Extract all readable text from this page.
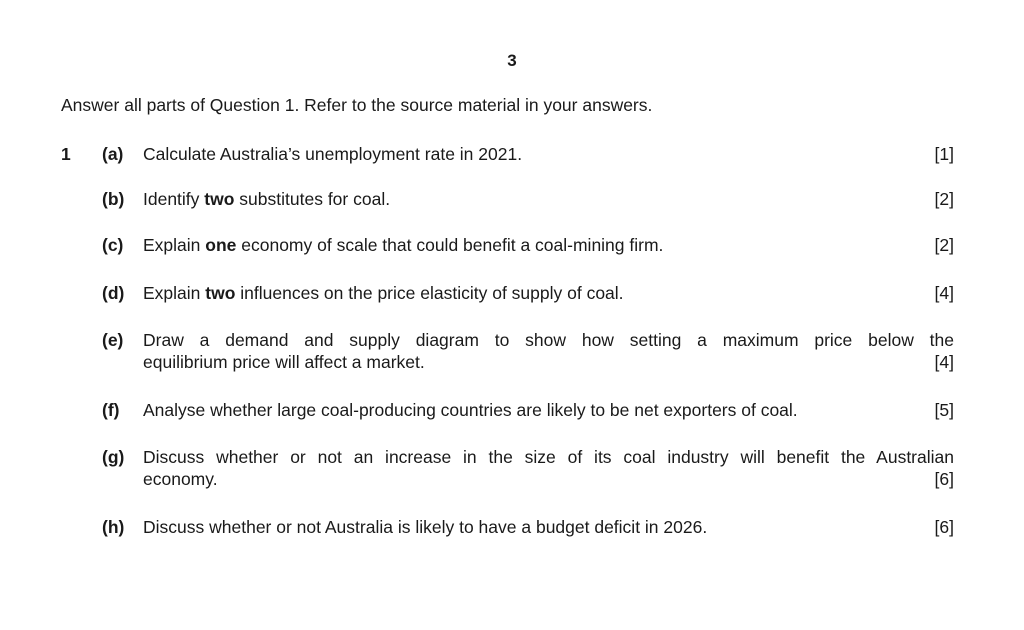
3
Answer all parts of Question 1. Refer to the source material in your answers.
1 (a) Calculate Australia’s unemployment rate in 2021.	[1]
(b) Identify two substitutes for coal.	[2]
(c) Explain one economy of scale that could benefit a coal-mining firm.	[2]
(d) Explain two influences on the price elasticity of supply of coal.	[4]
(e) Draw a demand and supply diagram to show how setting a maximum price below the
equilibrium price will affect a market.	[4]
(f) Analyse whether large coal-producing countries are likely to be net exporters of coal.	[5]
(g) Discuss whether or not an increase in the size of its coal industry will benefit the Australian
economy.	[6]
(h) Discuss whether or not Australia is likely to have a budget deficit in 2026.	[6]
